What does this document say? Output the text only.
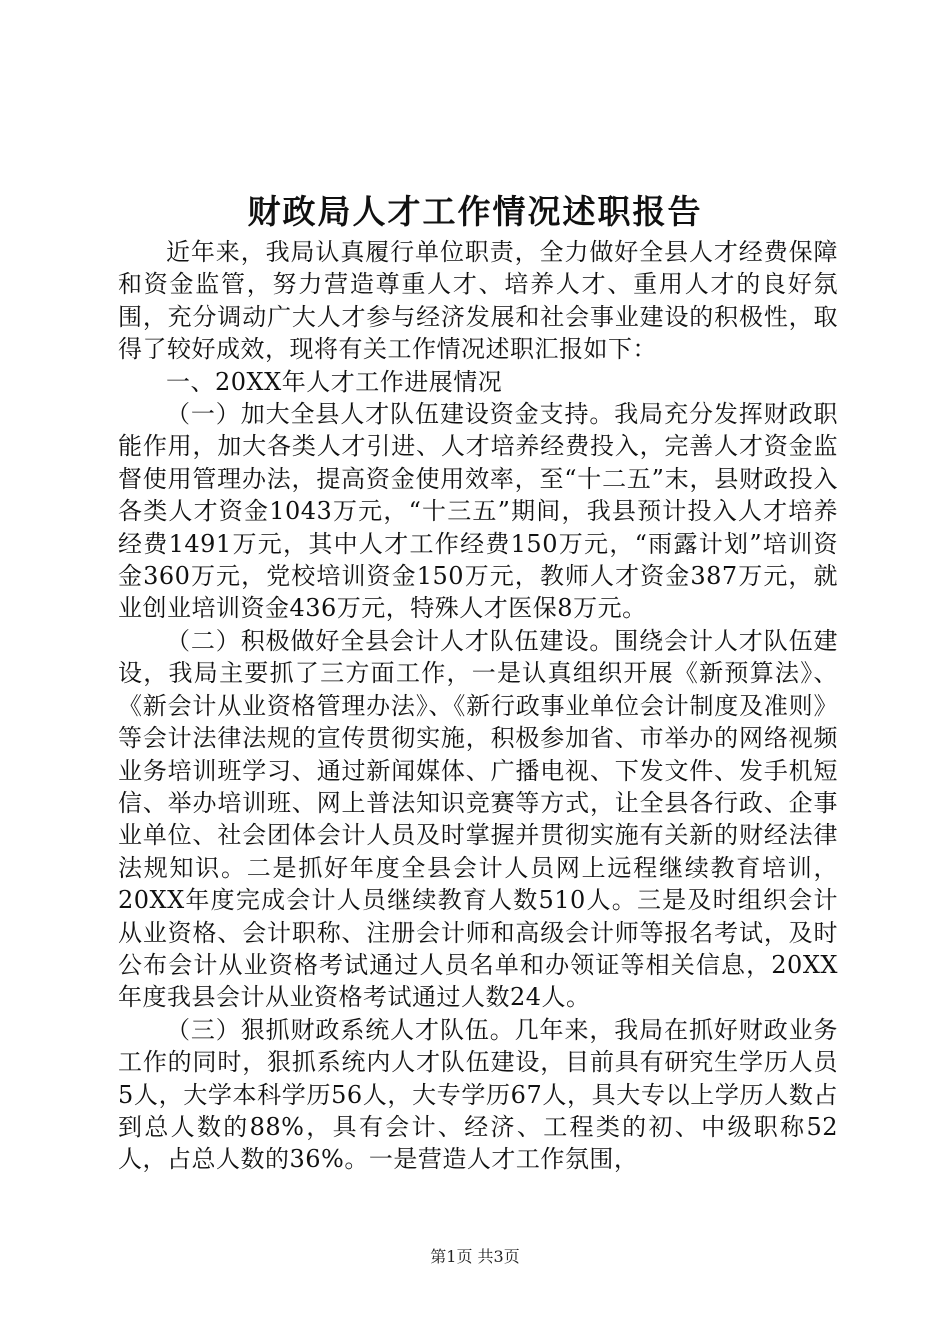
财政局人才工作情况述职报告

近年来，我局认真履行单位职责，全力做好全县人才经费保障和资金监管，努力营造尊重人才、培养人才、重用人才的良好氛围，充分调动广大人才参与经济发展和社会事业建设的积极性，取得了较好成效，现将有关工作情况述职汇报如下：

一、20XX年人才工作进展情况

（一）加大全县人才队伍建设资金支持。我局充分发挥财政职能作用，加大各类人才引进、人才培养经费投入，完善人才资金监督使用管理办法，提高资金使用效率，至“十二五”末，县财政投入各类人才资金1043万元，“十三五”期间，我县预计投入人才培养经费1491万元，其中人才工作经费150万元，“雨露计划”培训资金360万元，党校培训资金150万元，教师人才资金387万元，就业创业培训资金436万元，特殊人才医保8万元。

（二）积极做好全县会计人才队伍建设。围绕会计人才队伍建设，我局主要抓了三方面工作，一是认真组织开展《新预算法》、《新会计从业资格管理办法》、《新行政事业单位会计制度及准则》等会计法律法规的宣传贯彻实施，积极参加省、市举办的网络视频业务培训班学习、通过新闻媒体、广播电视、下发文件、发手机短信、举办培训班、网上普法知识竞赛等方式，让全县各行政、企事业单位、社会团体会计人员及时掌握并贯彻实施有关新的财经法律法规知识。二是抓好年度全县会计人员网上远程继续教育培训，20XX年度完成会计人员继续教育人数510人。三是及时组织会计从业资格、会计职称、注册会计师和高级会计师等报名考试，及时公布会计从业资格考试通过人员名单和办领证等相关信息，20XX年度我县会计从业资格考试通过人数24人。

（三）狠抓财政系统人才队伍。几年来，我局在抓好财政业务工作的同时，狠抓系统内人才队伍建设，目前具有研究生学历人员5人，大学本科学历56人，大专学历67人，具大专以上学历人数占到总人数的88%，具有会计、经济、工程类的初、中级职称52人，占总人数的36%。一是营造人才工作氛围，

第1页 共3页
